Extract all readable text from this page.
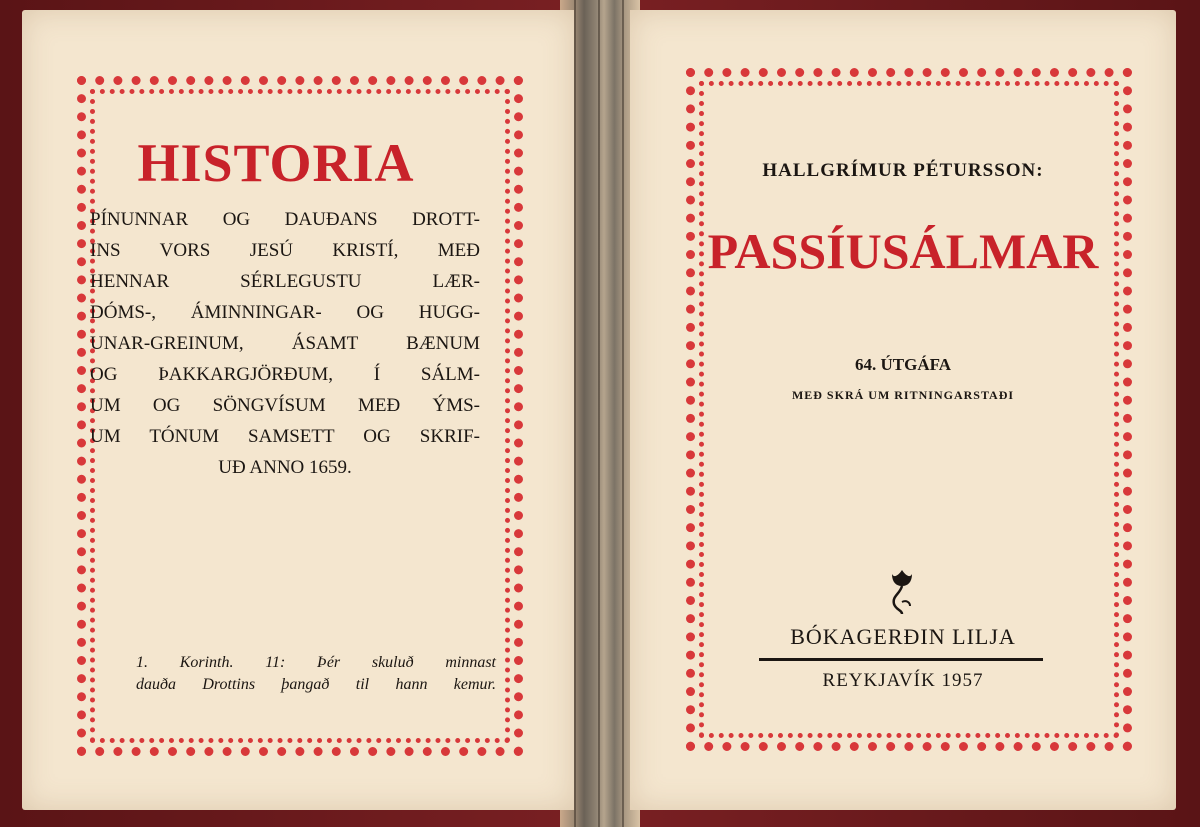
HISTORIA
PÍNUNNAR OG DAUÐANS DROTT-
INS VORS JESÚ KRISTÍ, MEÐ
HENNAR SÉRLEGUSTU LÆR-
DÓMS-, ÁMINNINGAR- OG HUGG-
UNAR-GREINUM, ÁSAMT BÆNUM
OG ÞAKKARGJÖRÐUM, Í SÁLM-
UM OG SÖNGVÍSUM MEÐ ÝMS-
UM TÓNUM SAMSETT OG SKRIF-
UÐ ANNO 1659.
1. Korinth. 11: Þér skuluð minnast
dauða Drottins þangað til hann kemur.
HALLGRÍMUR PÉTURSSON:
PASSÍUSÁLMAR
64. ÚTGÁFA
MEÐ SKRÁ UM RITNINGARSTAÐI
BÓKAGERÐIN LILJA
REYKJAVÍK 1957
